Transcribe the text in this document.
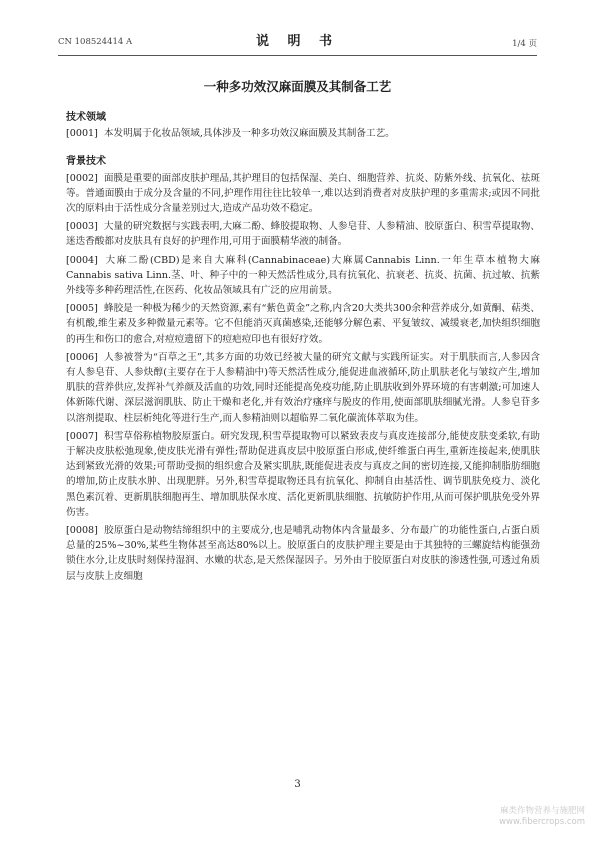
CN 108524414 A	说 明 书	1/4 页
一种多功效汉麻面膜及其制备工艺
技术领域

[0001] 本发明属于化妆品领域,具体涉及一种多功效汉麻面膜及其制备工艺。

背景技术

[0002] 面膜是重要的面部皮肤护理品,其护理目的包括保湿、美白、细胞营养、抗炎、防紫外线、抗氧化、祛斑等。普通面膜由于成分及含量的不同,护理作用往往比较单一,难以达到消费者对皮肤护理的多重需求;或因不同批次的原料由于活性成分含量差别过大,造成产品功效不稳定。

[0003] 大量的研究数据与实践表明,大麻二酚、蜂胶提取物、人参皂苷、人参精油、胶原蛋白、积雪草提取物、迷迭香酸都对皮肤具有良好的护理作用,可用于面膜精华液的制备。

[0004] 大麻二酚(CBD)是来自大麻科(Cannabinaceae)大麻属Cannabis Linn.一年生草本植物大麻Cannabis sativa Linn.茎、叶、种子中的一种天然活性成分,具有抗氧化、抗衰老、抗炎、抗菌、抗过敏、抗紫外线等多种药理活性,在医药、化妆品领域具有广泛的应用前景。

[0005] 蜂胶是一种极为稀少的天然资源,素有“紫色黄金”之称,内含20大类共300余种营养成分,如黄酮、萜类、有机酸,维生素及多种微量元素等。它不但能消灭真菌感染,还能够分解色素、平复皱纹、减缓衰老,加快组织细胞的再生和伤口的愈合,对痘痘遗留下的痘疤痘印也有很好疗效。

[0006] 人参被誉为“百草之王”,其多方面的功效已经被大量的研究文献与实践所证实。对于肌肤而言,人参因含有人参皂苷、人参炔醇(主要存在于人参精油中)等天然活性成分,能促进血液循环,防止肌肤老化与皱纹产生,增加肌肤的营养供应,发挥补气养颜及活血的功效,同时还能提高免疫功能,防止肌肤收到外界环境的有害刺激;可加速人体新陈代谢、深层滋润肌肤、防止干燥和老化,并有效治疗瘙痒与脱皮的作用,使面部肌肤细腻光滑。人参皂苷多以溶剂提取、柱层析纯化等进行生产,而人参精油则以超临界二氧化碳流体萃取为佳。

[0007] 积雪草俗称植物胶原蛋白。研究发现,积雪草提取物可以紧致表皮与真皮连接部分,能使皮肤变柔软,有助于解决皮肤松弛现象,使皮肤光滑有弹性;帮助促进真皮层中胶原蛋白形成,使纤维蛋白再生,重新连接起来,使肌肤达到紧致光滑的效果;可帮助受损的组织愈合及紧实肌肤,既能促进表皮与真皮之间的密切连接,又能抑制脂肪细胞的增加,防止皮肤水肿、出现肥胖。另外,积雪草提取物还具有抗氧化、抑制自由基活性、调节肌肤免疫力、淡化黑色素沉着、更新肌肤细胞再生、增加肌肤保水度、活化更新肌肤细胞、抗敏防护作用,从而可保护肌肤免受外界伤害。

[0008] 胶原蛋白是动物结缔组织中的主要成分,也是哺乳动物体内含量最多、分布最广的功能性蛋白,占蛋白质总量的25%~30%,某些生物体甚至高达80%以上。胶原蛋白的皮肤护理主要是由于其独特的三螺旋结构能强劲锁住水分,让皮肤时刻保持湿润、水嫩的状态,是天然保湿因子。另外由于胶原蛋白对皮肤的渗透性强,可透过角质层与皮肤上皮细胞

3
麻类作物营养与施肥网
www.fibercrops.com
